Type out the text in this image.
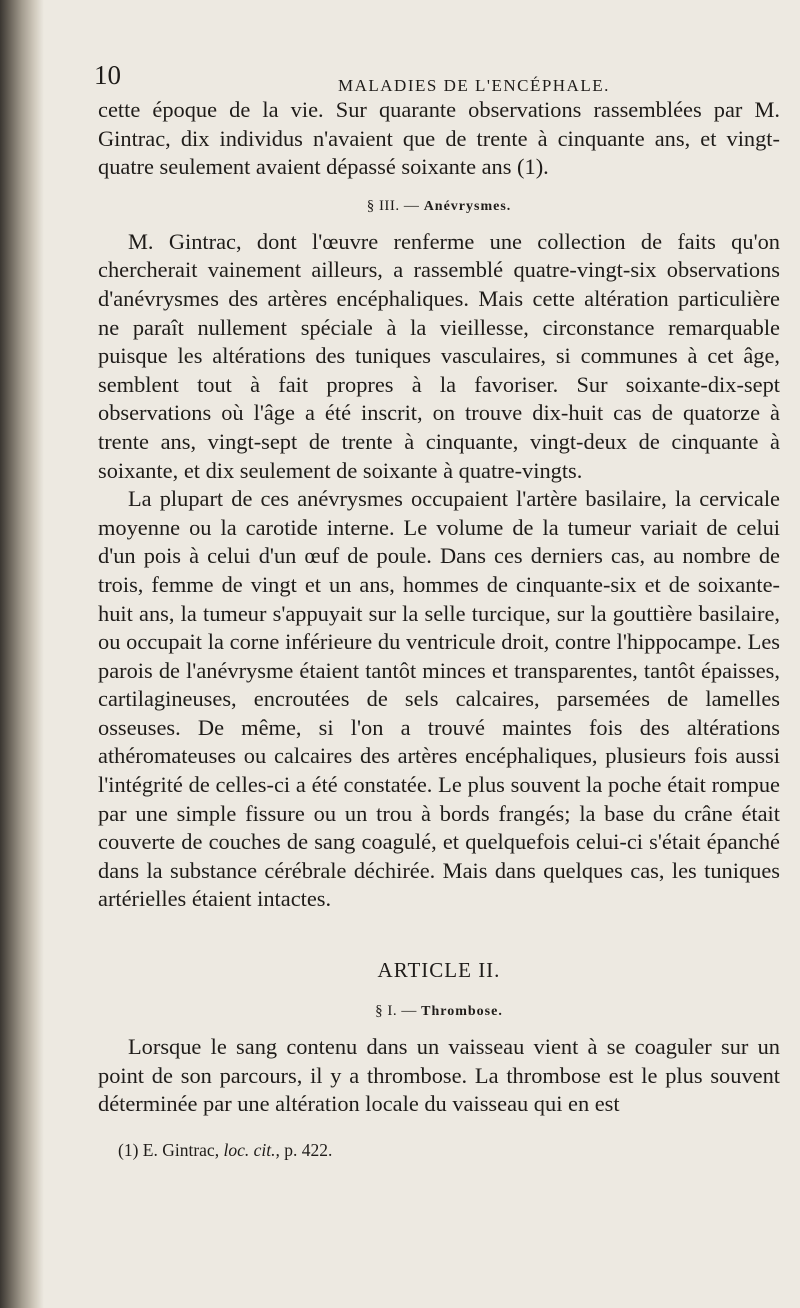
10	MALADIES DE L'ENCÉPHALE.

cette époque de la vie. Sur quarante observations rassemblées par M. Gintrac, dix individus n'avaient que de trente à cinquante ans, et vingt-quatre seulement avaient dépassé soixante ans (1).

§ III. — Anévrysmes.

M. Gintrac, dont l'œuvre renferme une collection de faits qu'on chercherait vainement ailleurs, a rassemblé quatre-vingt-six observations d'anévrysmes des artères encéphaliques. Mais cette altération particulière ne paraît nullement spéciale à la vieillesse, circonstance remarquable puisque les altérations des tuniques vasculaires, si communes à cet âge, semblent tout à fait propres à la favoriser. Sur soixante-dix-sept observations où l'âge a été inscrit, on trouve dix-huit cas de quatorze à trente ans, vingt-sept de trente à cinquante, vingt-deux de cinquante à soixante, et dix seulement de soixante à quatre-vingts.

La plupart de ces anévrysmes occupaient l'artère basilaire, la cervicale moyenne ou la carotide interne. Le volume de la tumeur variait de celui d'un pois à celui d'un œuf de poule. Dans ces derniers cas, au nombre de trois, femme de vingt et un ans, hommes de cinquante-six et de soixante-huit ans, la tumeur s'appuyait sur la selle turcique, sur la gouttière basilaire, ou occupait la corne inférieure du ventricule droit, contre l'hippocampe. Les parois de l'anévrysme étaient tantôt minces et transparentes, tantôt épaisses, cartilagineuses, encroutées de sels calcaires, parsemées de lamelles osseuses. De même, si l'on a trouvé maintes fois des altérations athéromateuses ou calcaires des artères encéphaliques, plusieurs fois aussi l'intégrité de celles-ci a été constatée. Le plus souvent la poche était rompue par une simple fissure ou un trou à bords frangés; la base du crâne était couverte de couches de sang coagulé, et quelquefois celui-ci s'était épanché dans la substance cérébrale déchirée. Mais dans quelques cas, les tuniques artérielles étaient intactes.

ARTICLE II.
§ I. — Thrombose.

Lorsque le sang contenu dans un vaisseau vient à se coaguler sur un point de son parcours, il y a thrombose. La thrombose est le plus souvent déterminée par une altération locale du vaisseau qui en est

(1) E. Gintrac, loc. cit., p. 422.
